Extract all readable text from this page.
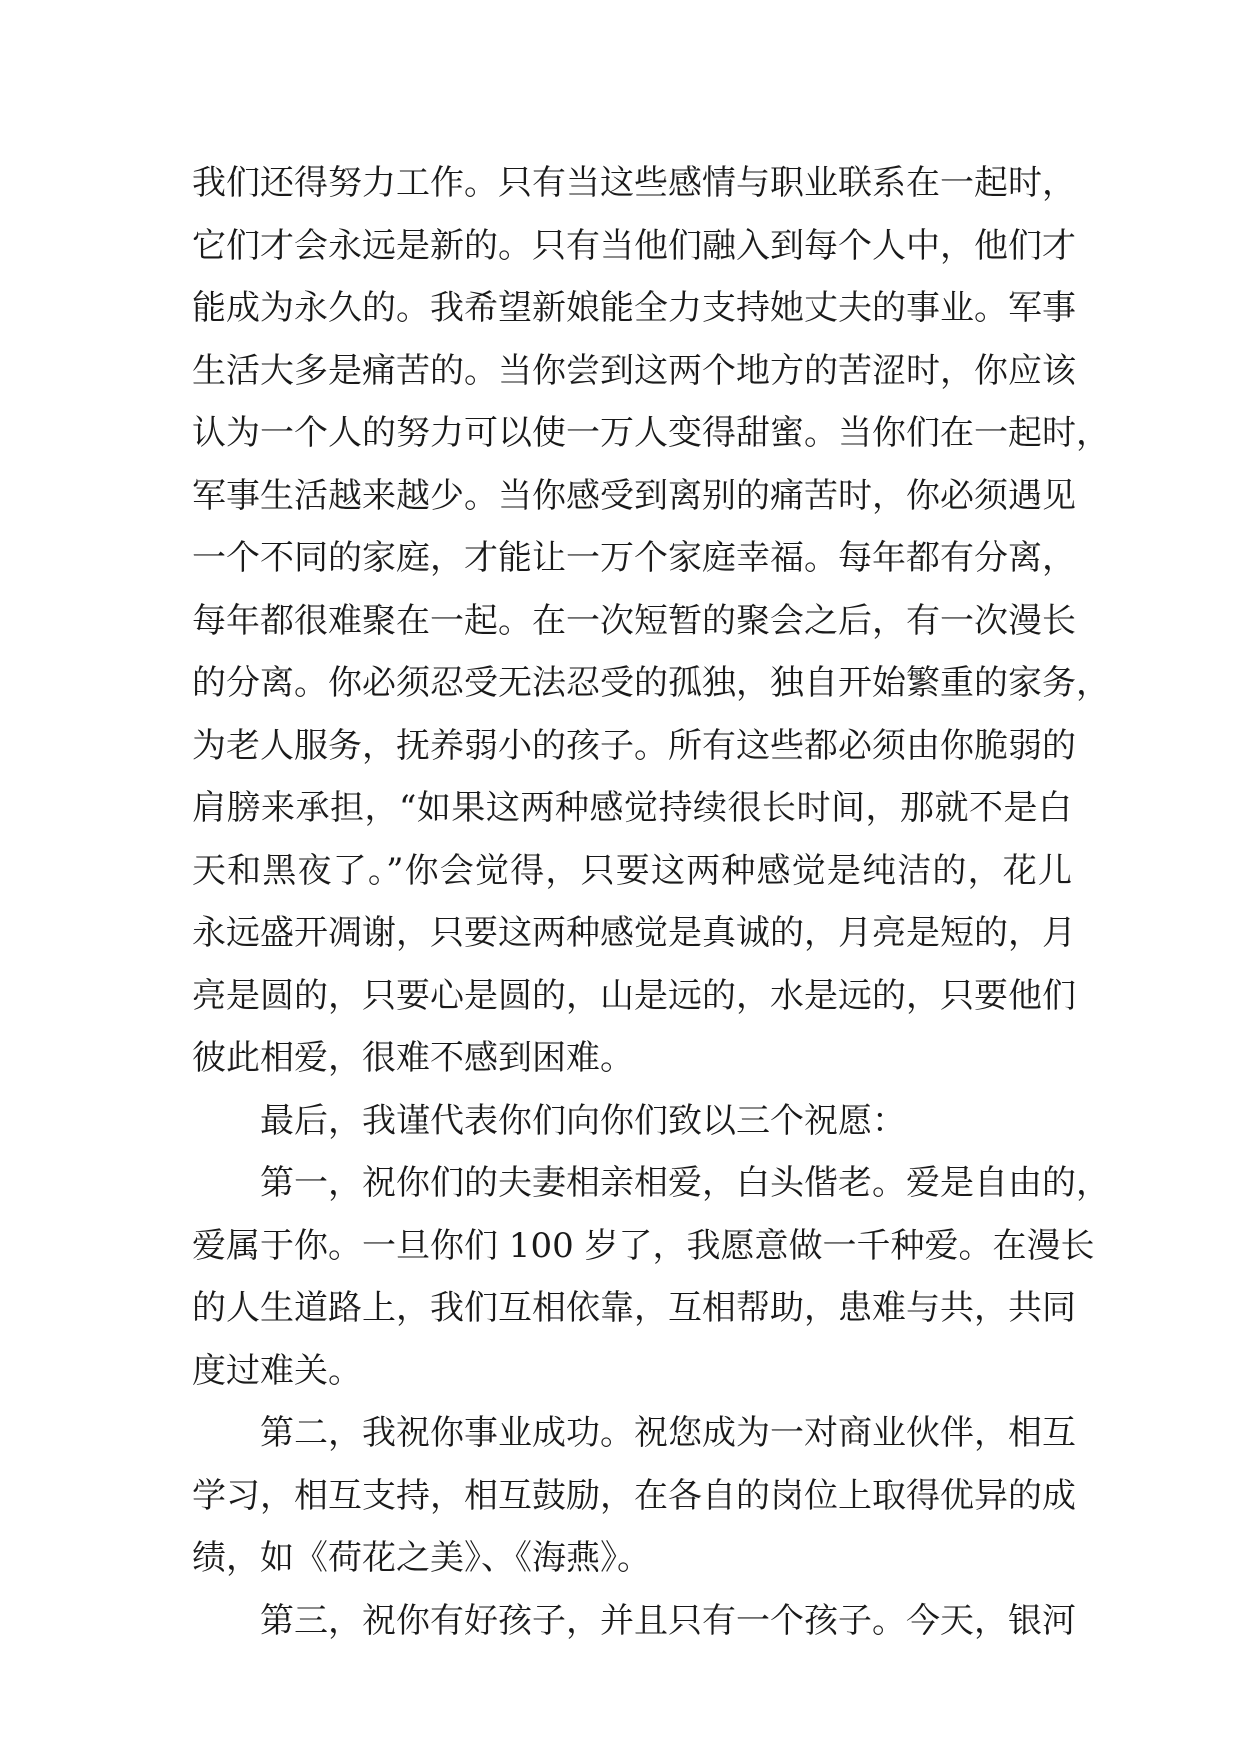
我们还得努力工作。只有当这些感情与职业联系在一起时，
它们才会永远是新的。只有当他们融入到每个人中，他们才
能成为永久的。我希望新娘能全力支持她丈夫的事业。军事
生活大多是痛苦的。当你尝到这两个地方的苦涩时，你应该
认为一个人的努力可以使一万人变得甜蜜。当你们在一起时，
军事生活越来越少。当你感受到离别的痛苦时，你必须遇见
一个不同的家庭，才能让一万个家庭幸福。每年都有分离，
每年都很难聚在一起。在一次短暂的聚会之后，有一次漫长
的分离。你必须忍受无法忍受的孤独，独自开始繁重的家务，
为老人服务，抚养弱小的孩子。所有这些都必须由你脆弱的
肩膀来承担，“如果这两种感觉持续很长时间，那就不是白
天和黑夜了。”你会觉得，只要这两种感觉是纯洁的，花儿
永远盛开凋谢，只要这两种感觉是真诚的，月亮是短的，月
亮是圆的，只要心是圆的，山是远的，水是远的，只要他们
彼此相爱，很难不感到困难。
最后，我谨代表你们向你们致以三个祝愿：
第一，祝你们的夫妻相亲相爱，白头偕老。爱是自由的，
爱属于你。一旦你们 100 岁了，我愿意做一千种爱。在漫长
的人生道路上，我们互相依靠，互相帮助，患难与共，共同
度过难关。
第二，我祝你事业成功。祝您成为一对商业伙伴，相互
学习，相互支持，相互鼓励，在各自的岗位上取得优异的成
绩，如《荷花之美》、《海燕》。
第三，祝你有好孩子，并且只有一个孩子。今天，银河
